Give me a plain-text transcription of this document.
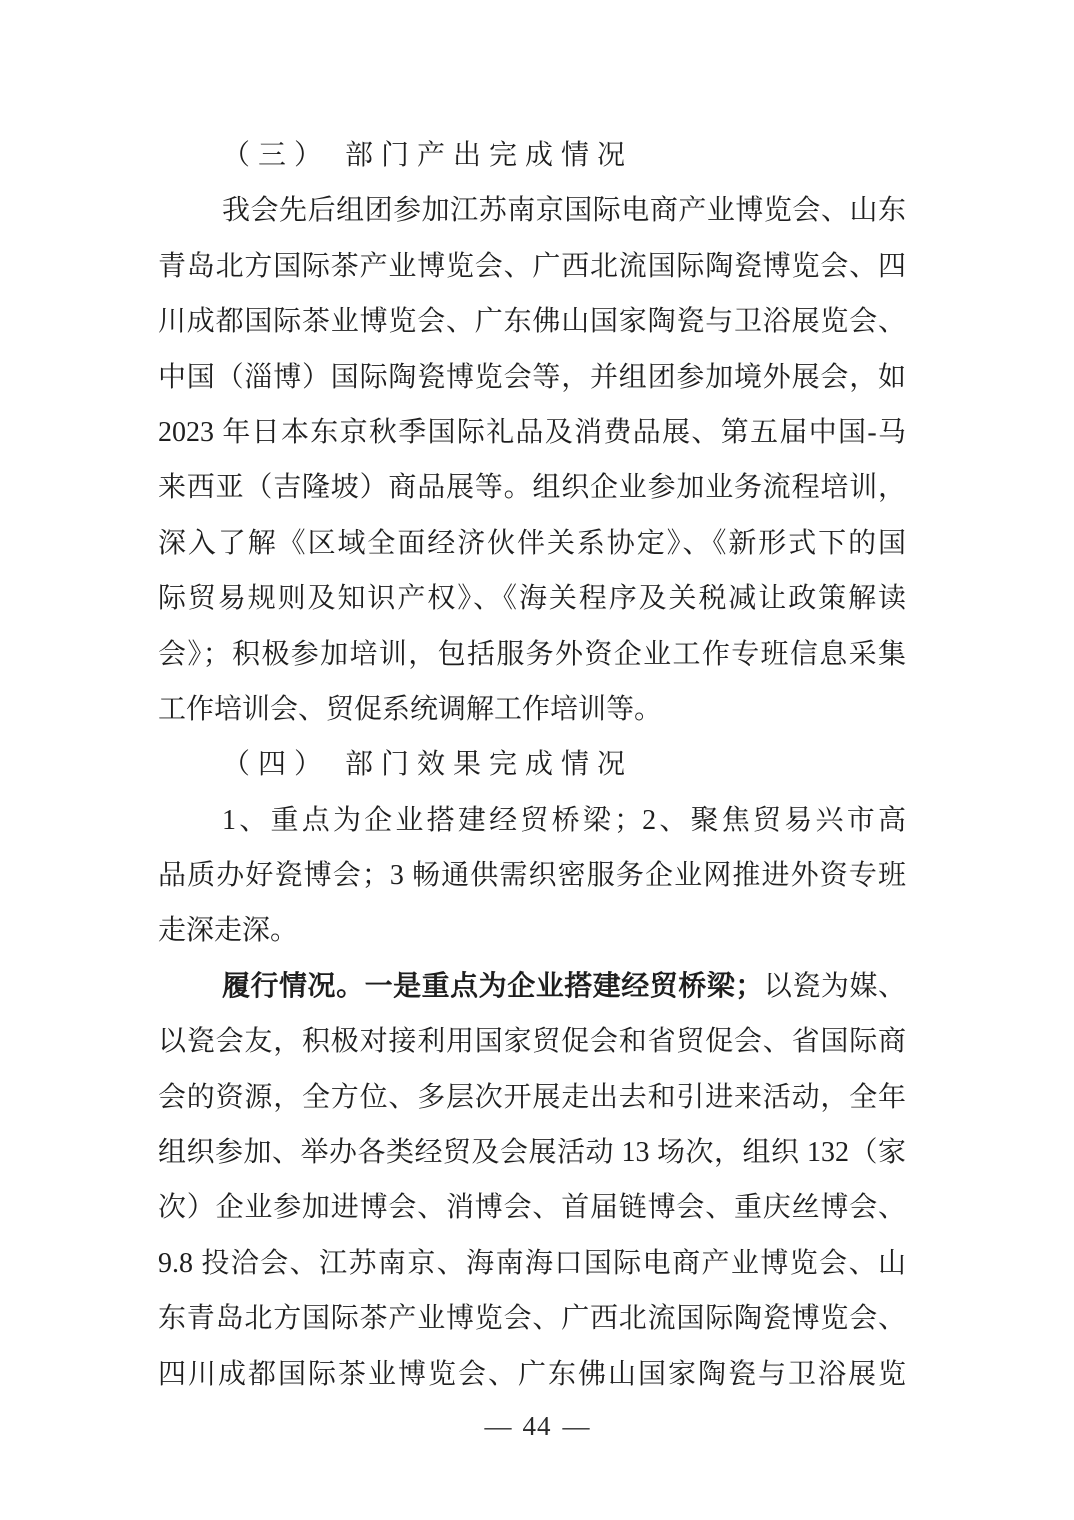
（三） 部门产出完成情况
我会先后组团参加江苏南京国际电商产业博览会、山东
青岛北方国际茶产业博览会、广西北流国际陶瓷博览会、四
川成都国际茶业博览会、广东佛山国家陶瓷与卫浴展览会、
中国（淄博）国际陶瓷博览会等，并组团参加境外展会，如
2023 年日本东京秋季国际礼品及消费品展、第五届中国-马
来西亚（吉隆坡）商品展等。组织企业参加业务流程培训，
深入了解《区域全面经济伙伴关系协定》、《新形式下的国
际贸易规则及知识产权》、《海关程序及关税减让政策解读
会》；积极参加培训，包括服务外资企业工作专班信息采集
工作培训会、贸促系统调解工作培训等。
（四） 部门效果完成情况
1、重点为企业搭建经贸桥梁；2、聚焦贸易兴市高
品质办好瓷博会；3 畅通供需织密服务企业网推进外资专班
走深走深。
履行情况。一是重点为企业搭建经贸桥梁；以瓷为媒、
以瓷会友，积极对接利用国家贸促会和省贸促会、省国际商
会的资源，全方位、多层次开展走出去和引进来活动，全年
组织参加、举办各类经贸及会展活动 13 场次，组织 132（家
次）企业参加进博会、消博会、首届链博会、重庆丝博会、
9.8 投洽会、江苏南京、海南海口国际电商产业博览会、山
东青岛北方国际茶产业博览会、广西北流国际陶瓷博览会、
四川成都国际茶业博览会、广东佛山国家陶瓷与卫浴展览
— 44 —
